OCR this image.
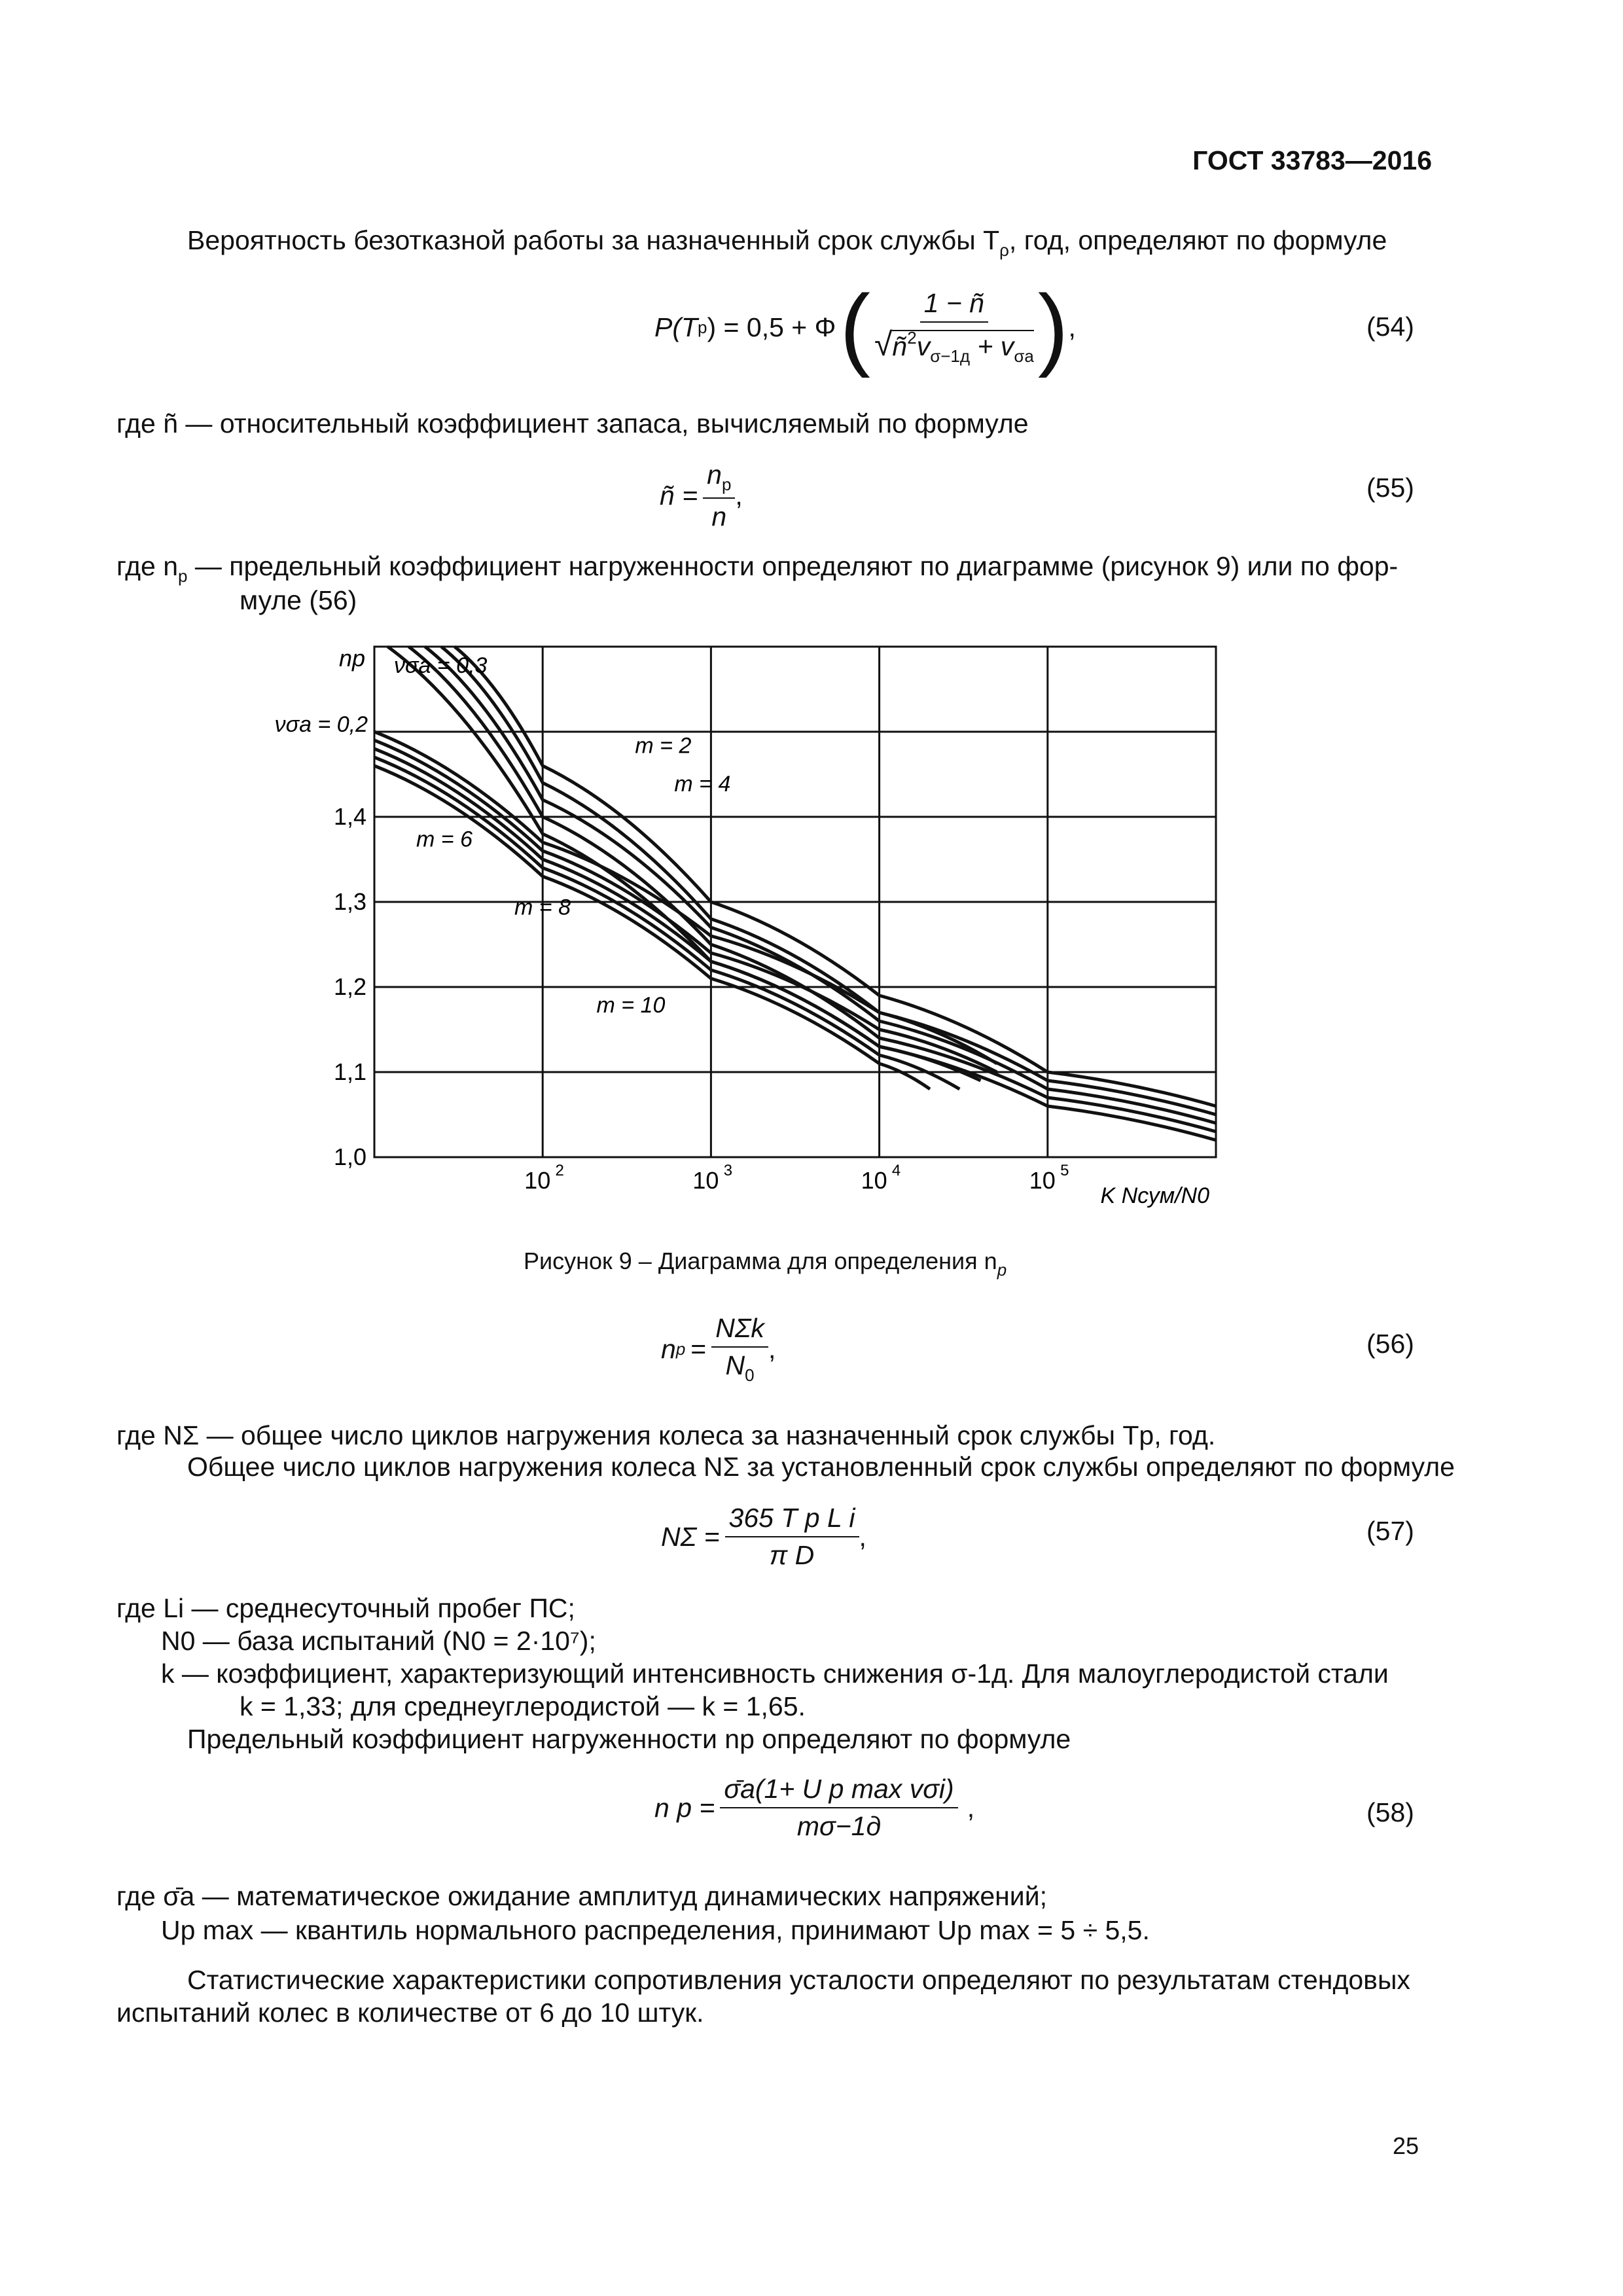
ГОСТ 33783—2016
Вероятность безотказной работы за назначенный срок службы $T_\rho$, год, определяют по формуле
P(T р ) = 0,5 + Φ ( $\frac{1 - ñ}{√ñ^2v_{\sigma-1д} + v_{\sigma а}}$ ) ,	(54)
где ñ — относительный коэффициент запаса, вычисляемый по формуле
ñ = $\frac{n_р}{n}$ ,	(55)
где $n_р$ — предельный коэффициент нагруженности определяют по диаграмме (рисунок 9) или по фор-
муле (56)
1,0
1,1
1,2
1,3
1,4
10 2	10 3	10 4	10 5
nр
K Nсум/N0
νσа = 0,3
νσа = 0,2
m = 2
m = 4
m = 6
m = 8
m = 10
Рисунок 9 – Диаграмма для определения $n_р$
n $p = \frac{\text{NΣk}}{N_0}$ ,	(56)
где NΣ — общее число циклов нагружения колеса за назначенный срок службы Tр, год.
Общее число циклов нагружения колеса NΣ за установленный срок службы определяют по формуле
$N\Sigma = \frac{\text{365 T p L i}}{\text{π D}}$ ,	(57)
где Li — среднесуточный пробег ПС;
N0 — база испытаний (N0 = 2·10⁷);
k — коэффициент, характеризующий интенсивность снижения σ-1д. Для малоуглеродистой стали
k = 1,33; для среднеуглеродистой — k = 1,65.
Предельный коэффициент нагруженности np определяют по формуле
n $p = \frac{\text{σ̄a(1+ U p max vσi)}}{m\sigma-1д}$ ,	(58)
где σ̄a — математическое ожидание амплитуд динамических напряжений;
Up max — квантиль нормального распределения, принимают Up max = 5 ÷ 5,5.
Статистические характеристики сопротивления усталости определяют по результатам стендовых
испытаний колес в количестве от 6 до 10 штук.
25
